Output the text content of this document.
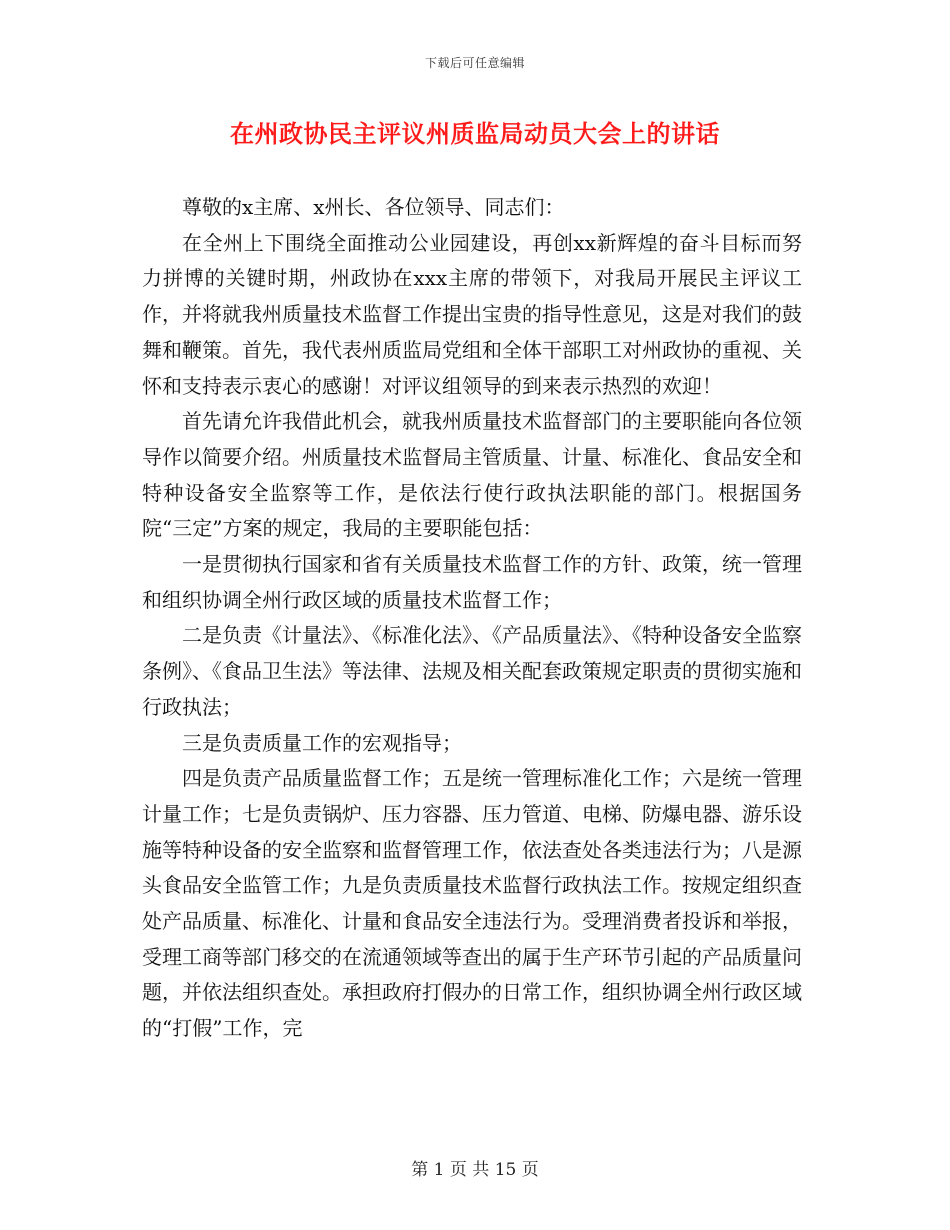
下载后可任意编辑
在州政协民主评议州质监局动员大会上的讲话

尊敬的x主席、x州长、各位领导、同志们：

在全州上下围绕全面推动公业园建设，再创xx新辉煌的奋斗目标而努力拼博的关键时期，州政协在xxx主席的带领下，对我局开展民主评议工作，并将就我州质量技术监督工作提出宝贵的指导性意见，这是对我们的鼓舞和鞭策。首先，我代表州质监局党组和全体干部职工对州政协的重视、关怀和支持表示衷心的感谢！对评议组领导的到来表示热烈的欢迎！

首先请允许我借此机会，就我州质量技术监督部门的主要职能向各位领导作以简要介绍。州质量技术监督局主管质量、计量、标准化、食品安全和特种设备安全监察等工作，是依法行使行政执法职能的部门。根据国务院“三定”方案的规定，我局的主要职能包括：

一是贯彻执行国家和省有关质量技术监督工作的方针、政策，统一管理和组织协调全州行政区域的质量技术监督工作；

二是负责《计量法》、《标准化法》、《产品质量法》、《特种设备安全监察条例》、《食品卫生法》等法律、法规及相关配套政策规定职责的贯彻实施和行政执法；

三是负责质量工作的宏观指导；

四是负责产品质量监督工作；五是统一管理标准化工作；六是统一管理计量工作；七是负责锅炉、压力容器、压力管道、电梯、防爆电器、游乐设施等特种设备的安全监察和监督管理工作，依法查处各类违法行为；八是源头食品安全监管工作；九是负责质量技术监督行政执法工作。按规定组织查处产品质量、标准化、计量和食品安全违法行为。受理消费者投诉和举报，受理工商等部门移交的在流通领域等查出的属于生产环节引起的产品质量问题，并依法组织查处。承担政府打假办的日常工作，组织协调全州行政区域的“打假”工作，完

第 1 页 共 15 页
